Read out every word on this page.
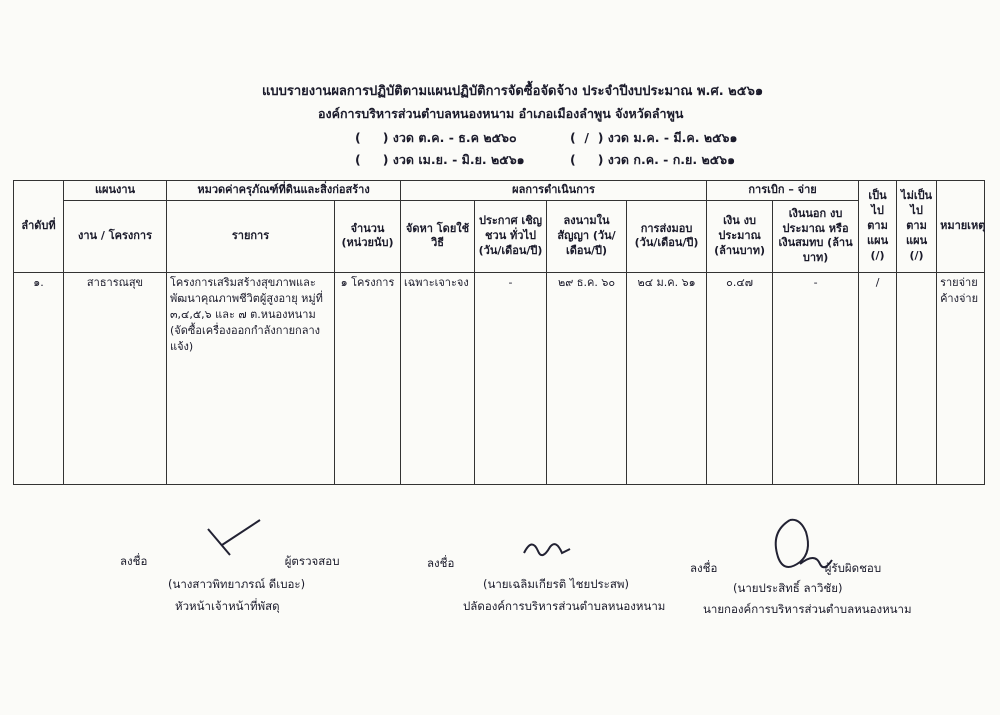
แบบรายงานผลการปฏิบัติตามแผนปฏิบัติการจัดซื้อจัดจ้าง ประจำปีงบประมาณ พ.ศ. ๒๕๖๑
องค์การบริหารส่วนตำบลหนองหนาม อำเภอเมืองลำพูน จังหวัดลำพูน
( ) งวด ต.ค. - ธ.ค ๒๕๖๐	( / ) งวด ม.ค. - มี.ค. ๒๕๖๑
( ) งวด เม.ย. - มิ.ย. ๒๕๖๑	( ) งวด ก.ค. - ก.ย. ๒๕๖๑
ลำดับที่	แผนงาน	หมวดค่าครุภัณฑ์ที่ดินและสิ่งก่อสร้าง		ผลการดำเนินการ				การเบิก – จ่าย		เป็น ไป ตาม แผน (/)	ไม่เป็น ไป ตาม แผน (/)	หมายเหตุ
	งาน / โครงการ	รายการ	จำนวน (หน่วยนับ)	จัดหา โดยใช้วิธี	ประกาศ เชิญชวน ทั่วไป (วัน/เดือน/ปี)	ลงนามใน สัญญา (วัน/เดือน/ปี)	การส่งมอบ (วัน/เดือน/ปี)	เงิน งบประมาณ (ล้านบาท)	เงินนอก งบประมาณ หรือเงินสมทบ (ล้านบาท)			
๑.	สาธารณสุข	โครงการเสริมสร้างสุขภาพและพัฒนาคุณภาพชีวิตผู้สูงอายุ หมู่ที่ ๓,๔,๕,๖ และ ๗ ต.หนองหนาม (จัดซื้อเครื่องออกกำลังกายกลางแจ้ง)	๑ โครงการ	เฉพาะเจาะจง	-	๒๙ ธ.ค. ๖๐	๒๔ ม.ค. ๖๑	๐.๔๗	-	/		รายจ่ายค้างจ่าย
ลงชื่อ	ผู้ตรวจสอบ
(นางสาวพิทยาภรณ์ ดีเบอะ)
หัวหน้าเจ้าหน้าที่พัสดุ
ลงชื่อ
(นายเฉลิมเกียรติ ไชยประสพ)
ปลัดองค์การบริหารส่วนตำบลหนองหนาม
ลงชื่อ	ผู้รับผิดชอบ
(นายประสิทธิ์ ลาวิชัย)
นายกองค์การบริหารส่วนตำบลหนองหนาม
